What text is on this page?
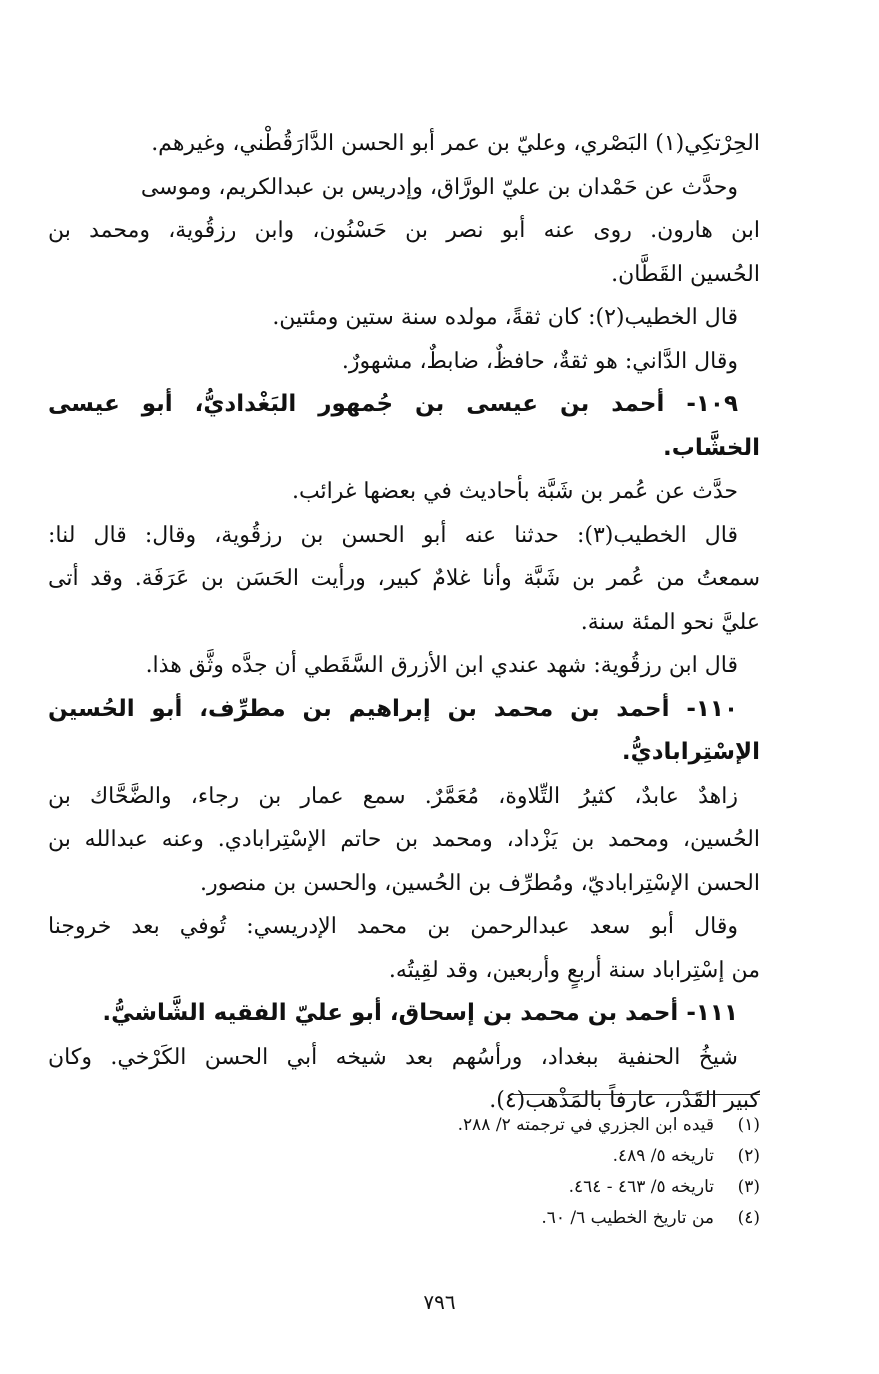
الحِرْتكِي(١) البَصْري، وعليّ بن عمر أبو الحسن الدَّارَقُطْني، وغيرهم.
وحدَّث عن حَمْدان بن عليّ الورَّاق، وإدريس بن عبدالكريم، وموسى
ابن هارون. روى عنه أبو نصر بن حَسْنُون، وابن رزقُوية، ومحمد بن
الحُسين القَطَّان.
قال الخطيب(٢): كان ثقةً، مولده سنة ستين ومئتين.
وقال الدَّاني: هو ثقةٌ، حافظٌ، ضابطٌ، مشهورٌ.
١٠٩- أحمد بن عيسى بن جُمهور البَغْداديُّ، أبو عيسى
الخشَّاب.
حدَّث عن عُمر بن شَبَّة بأحاديث في بعضها غرائب.
قال الخطيب(٣): حدثنا عنه أبو الحسن بن رزقُوية، وقال: قال لنا:
سمعتُ من عُمر بن شَبَّة وأنا غلامٌ كبير، ورأيت الحَسَن بن عَرَفَة. وقد أتى
عليَّ نحو المئة سنة.
قال ابن رزقُوية: شهد عندي ابن الأزرق السَّقَطي أن جدَّه وثَّق هذا.
١١٠- أحمد بن محمد بن إبراهيم بن مطرِّف، أبو الحُسين
الإسْتِراباديُّ.
زاهدٌ عابدٌ، كثيرُ التِّلاوة، مُعَمَّرٌ. سمع عمار بن رجاء، والضَّحَّاك بن
الحُسين، ومحمد بن يَزْداد، ومحمد بن حاتم الإسْتِرابادي. وعنه عبدالله بن
الحسن الإسْتِراباديّ، ومُطرِّف بن الحُسين، والحسن بن منصور.
وقال أبو سعد عبدالرحمن بن محمد الإدريسي: تُوفي بعد خروجنا
من إسْتِراباد سنة أربعٍ وأربعين، وقد لقِيتُه.
١١١- أحمد بن محمد بن إسحاق، أبو عليّ الفقيه الشَّاشيُّ.
شيخُ الحنفية ببغداد، ورأسُهم بعد شيخه أبي الحسن الكَرْخي. وكان
كبير القَدْر، عارفاً بالمَذْهب(٤).
(١)قيده ابن الجزري في ترجمته ٢/ ٢٨٨.
(٢)تاريخه ٥/ ٤٨٩.
(٣)تاريخه ٥/ ٤٦٣ - ٤٦٤.
(٤)من تاريخ الخطيب ٦/ ٦٠.
٧٩٦
